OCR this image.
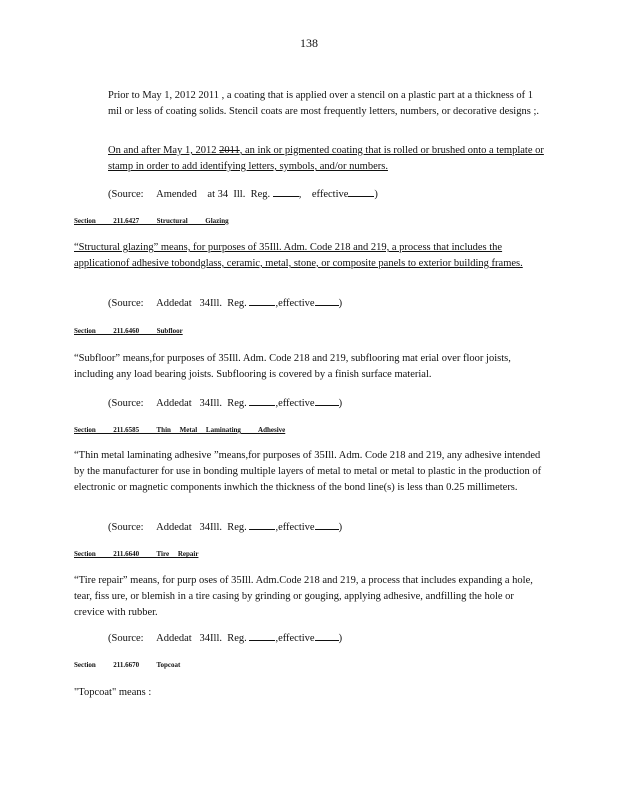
138
Prior to May 1, 2012 2011 , a coating that is applied over a stencil on a plastic part at a thickness of 1 mil or less of coating solids. Stencil coats are most frequently letters, numbers, or decorative designs ;.
On and after May 1, 2012 2011, an ink or pigmented coating that is rolled or brushed onto a template or stamp in order to add identifying letters, symbols, and/or numbers.
(Source:     Amended    at 34  Ill.  Reg. ,    effective )
Section          211.6427          Structural          Glazing
“Structural glazing” means, for purposes of 35Ill. Adm. Code 218 and 219, a process that includes the applicationof adhesive tobondglass, ceramic, metal, stone, or composite panels to exterior building frames.
(Source:     Addedat   34Ill.  Reg. ,effective )
Section          211.6460          Subfloor
“Subfloor” means,for purposes of 35Ill. Adm. Code 218 and 219, subflooring mat erial over floor joists, including any load bearing joists. Subflooring is covered by a finish surface material.
(Source:     Addedat   34Ill.  Reg. ,effective )
Section          211.6585          Thin     Metal     Laminating          Adhesive
“Thin metal laminating adhesive ”means,for purposes of 35Ill. Adm. Code 218 and 219, any adhesive intended by the manufacturer for use in bonding multiple layers of metal to metal or metal to plastic in the production of electronic or magnetic components inwhich the thickness of the bond line(s) is less than 0.25 millimeters.
(Source:     Addedat   34Ill.  Reg. ,effective )
Section          211.6640          Tire     Repair
“Tire repair” means, for purp oses of 35Ill. Adm.Code 218 and 219, a process that includes expanding a hole, tear, fiss ure, or blemish in a tire casing by grinding or gouging, applying adhesive, andfilling the hole or crevice with rubber.
(Source:     Addedat   34Ill.  Reg. ,effective )
Section          211.6670          Topcoat
"Topcoat" means :
